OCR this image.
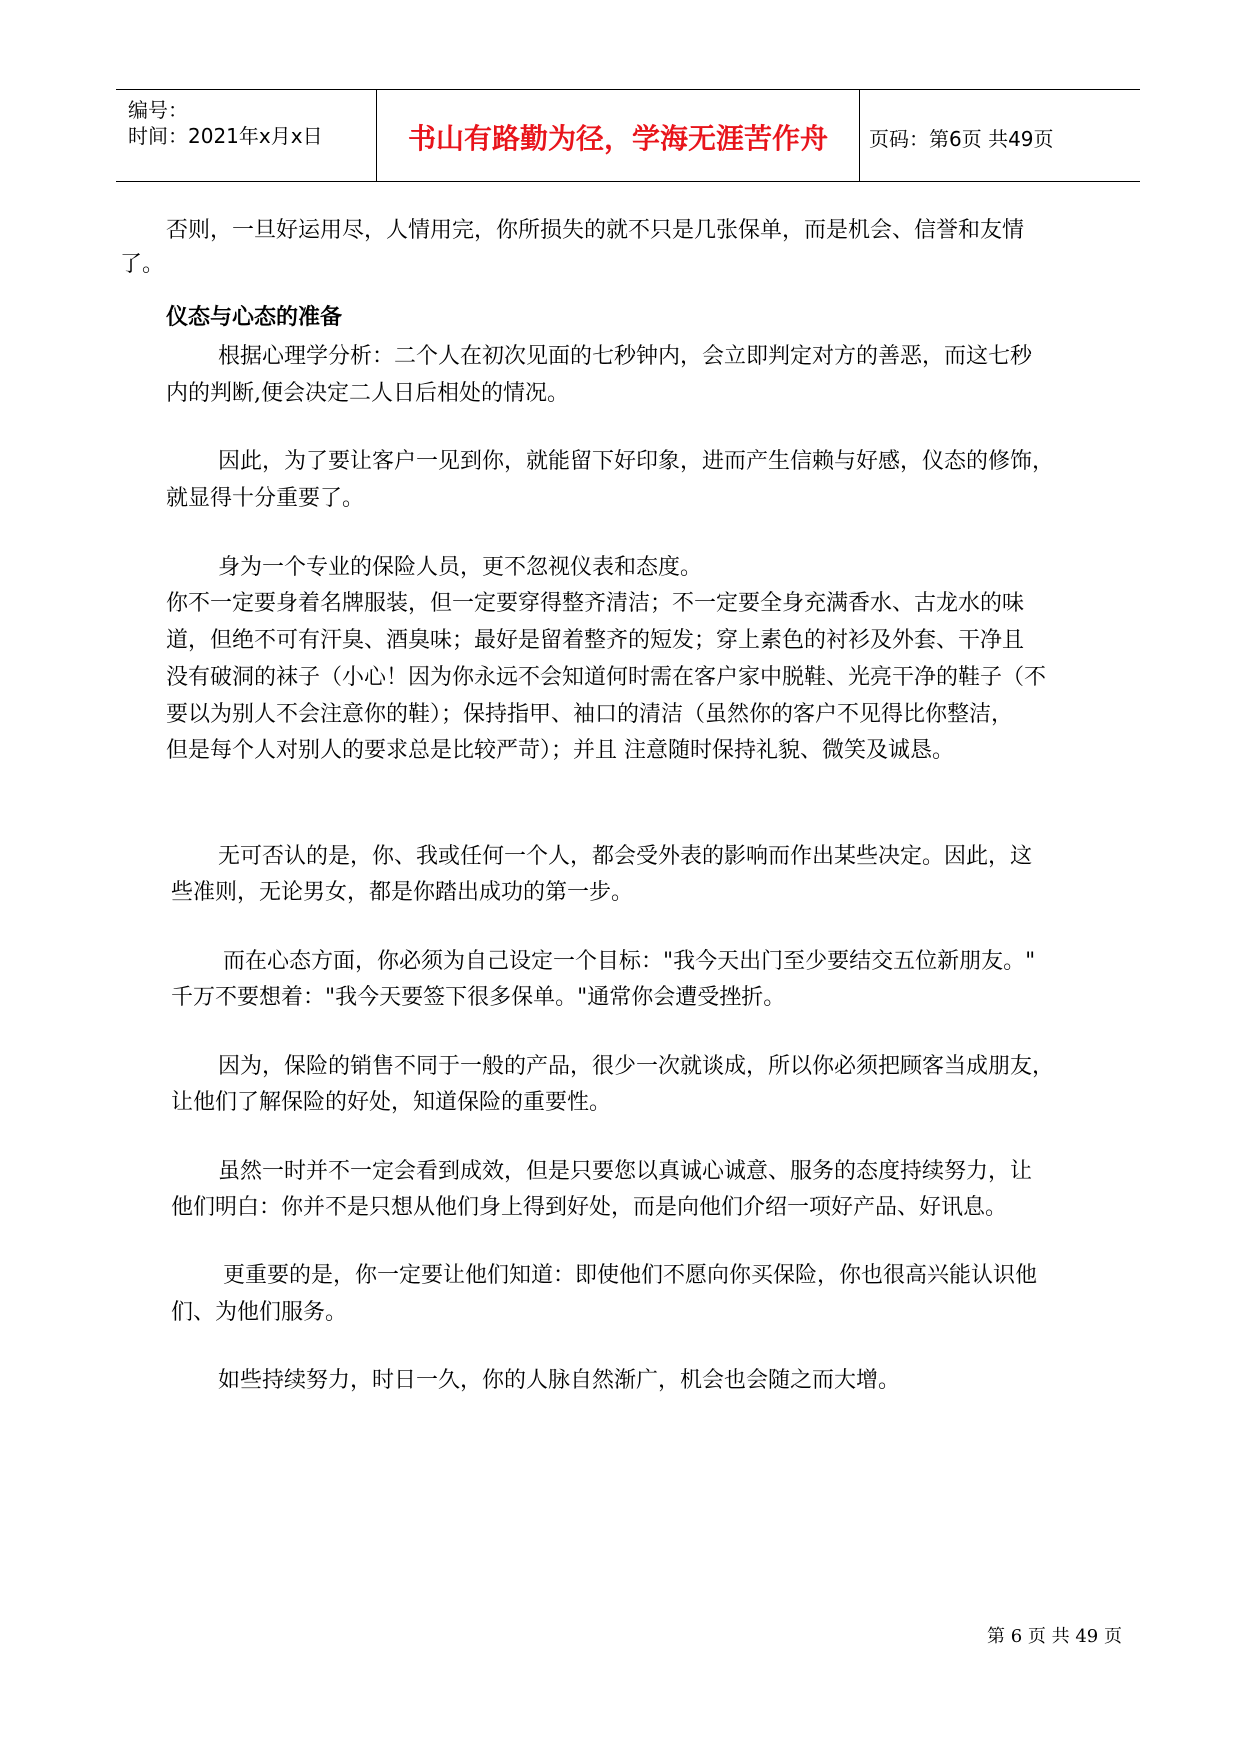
编号：
时间：2021年x月x日	书山有路勤为径，学海无涯苦作舟	页码：第6页 共49页
否则，一旦好运用尽，人情用完，你所损失的就不只是几张保单，而是机会、信誉和友情
了。
仪态与心态的准备
根据心理学分析：二个人在初次见面的七秒钟内，会立即判定对方的善恶，而这七秒
内的判断,便会决定二人日后相处的情况。
因此，为了要让客户一见到你，就能留下好印象，进而产生信赖与好感，仪态的修饰，
就显得十分重要了。
身为一个专业的保险人员，更不忽视仪表和态度。
你不一定要身着名牌服装，但一定要穿得整齐清洁；不一定要全身充满香水、古龙水的味
道，但绝不可有汗臭、酒臭味；最好是留着整齐的短发；穿上素色的衬衫及外套、干净且
没有破洞的袜子（小心！因为你永远不会知道何时需在客户家中脱鞋、光亮干净的鞋子（不
要以为别人不会注意你的鞋）；保持指甲、袖口的清洁（虽然你的客户不见得比你整洁，
但是每个人对别人的要求总是比较严苛）；并且 注意随时保持礼貌、微笑及诚恳。
无可否认的是，你、我或任何一个人，都会受外表的影响而作出某些决定。因此，这
些准则，无论男女，都是你踏出成功的第一步。
而在心态方面，你必须为自己设定一个目标："我今天出门至少要结交五位新朋友。"
千万不要想着："我今天要签下很多保单。"通常你会遭受挫折。
因为，保险的销售不同于一般的产品，很少一次就谈成，所以你必须把顾客当成朋友，
让他们了解保险的好处，知道保险的重要性。
虽然一时并不一定会看到成效，但是只要您以真诚心诚意、服务的态度持续努力，让
他们明白：你并不是只想从他们身上得到好处，而是向他们介绍一项好产品、好讯息。
更重要的是，你一定要让他们知道：即使他们不愿向你买保险，你也很高兴能认识他
们、为他们服务。
如些持续努力，时日一久，你的人脉自然渐广，机会也会随之而大增。
第 6 页 共 49 页
